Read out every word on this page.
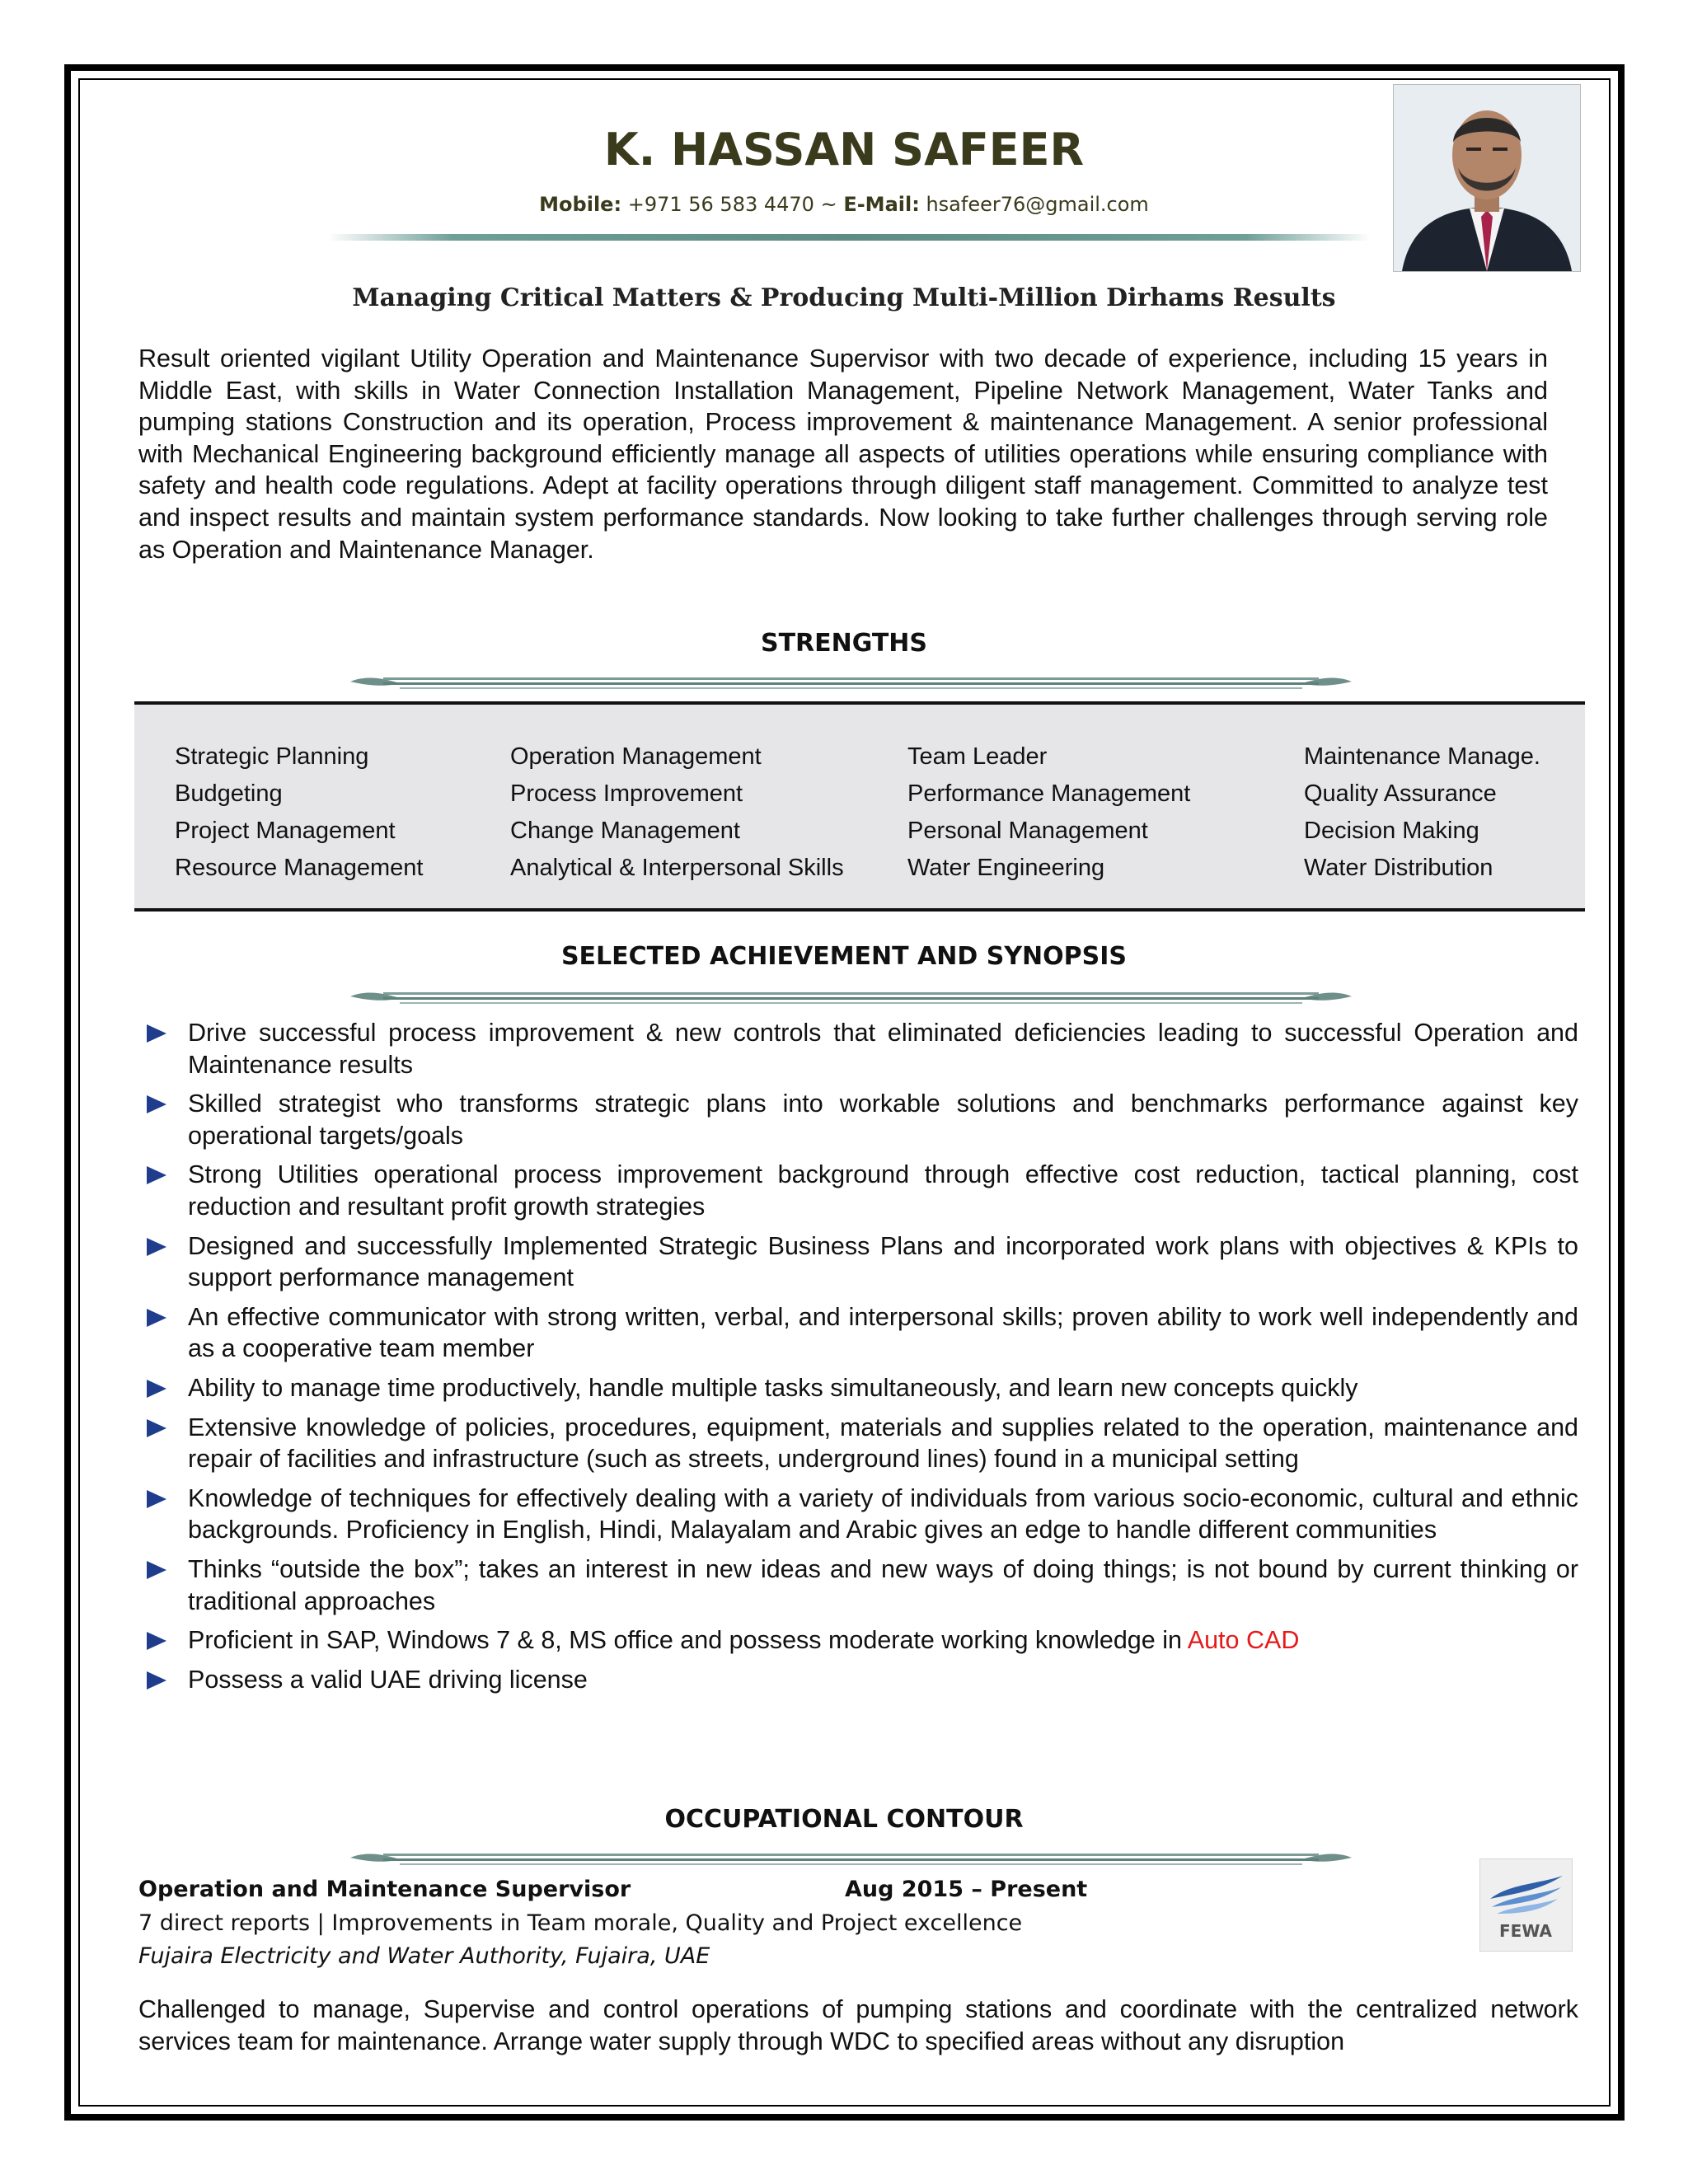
K. HASSAN SAFEER
Mobile: +971 56 583 4470 ~ E-Mail: hsafeer76@gmail.com
Managing Critical Matters & Producing Multi-Million Dirhams Results
Result oriented vigilant Utility Operation and Maintenance Supervisor with two decade of experience, including 15 years in Middle East, with skills in Water Connection Installation Management, Pipeline Network Management, Water Tanks and pumping stations Construction and its operation, Process improvement & maintenance Management. A senior professional with Mechanical Engineering background efficiently manage all aspects of utilities operations while ensuring compliance with safety and health code regulations. Adept at facility operations through diligent staff management. Committed to analyze test and inspect results and maintain system performance standards. Now looking to take further challenges through serving role as Operation and Maintenance Manager.
STRENGTHS
Strategic Planning
Budgeting
Project Management
Resource Management
Operation Management
Process Improvement
Change Management
Analytical & Interpersonal Skills
Team Leader
Performance Management
Personal Management
Water Engineering
Maintenance Manage.
Quality Assurance
Decision Making
Water Distribution
SELECTED ACHIEVEMENT AND SYNOPSIS
Drive successful process improvement & new controls that eliminated deficiencies leading to successful Operation and Maintenance results
Skilled strategist who transforms strategic plans into workable solutions and benchmarks performance against key operational targets/goals
Strong Utilities operational process improvement background through effective cost reduction, tactical planning, cost reduction and resultant profit growth strategies
Designed and successfully Implemented Strategic Business Plans and incorporated work plans with objectives & KPIs to support performance management
An effective communicator with strong written, verbal, and interpersonal skills; proven ability to work well independently and as a cooperative team member
Ability to manage time productively, handle multiple tasks simultaneously, and learn new concepts quickly
Extensive knowledge of policies, procedures, equipment, materials and supplies related to the operation, maintenance and repair of facilities and infrastructure (such as streets, underground lines) found in a municipal setting
Knowledge of techniques for effectively dealing with a variety of individuals from various socio-economic, cultural and ethnic backgrounds. Proficiency in English, Hindi, Malayalam and Arabic gives an edge to handle different communities
Thinks “outside the box”; takes an interest in new ideas and new ways of doing things; is not bound by current thinking or traditional approaches
Proficient in SAP, Windows 7 & 8, MS office and possess moderate working knowledge in Auto CAD
Possess a valid UAE driving license
OCCUPATIONAL CONTOUR
Operation and Maintenance Supervisor	Aug 2015 – Present
7 direct reports | Improvements in Team morale, Quality and Project excellence
Fujaira Electricity and Water Authority, Fujaira, UAE
FEWA
Challenged to manage, Supervise and control operations of pumping stations and coordinate with the centralized network services team for maintenance. Arrange water supply through WDC to specified areas without any disruption
